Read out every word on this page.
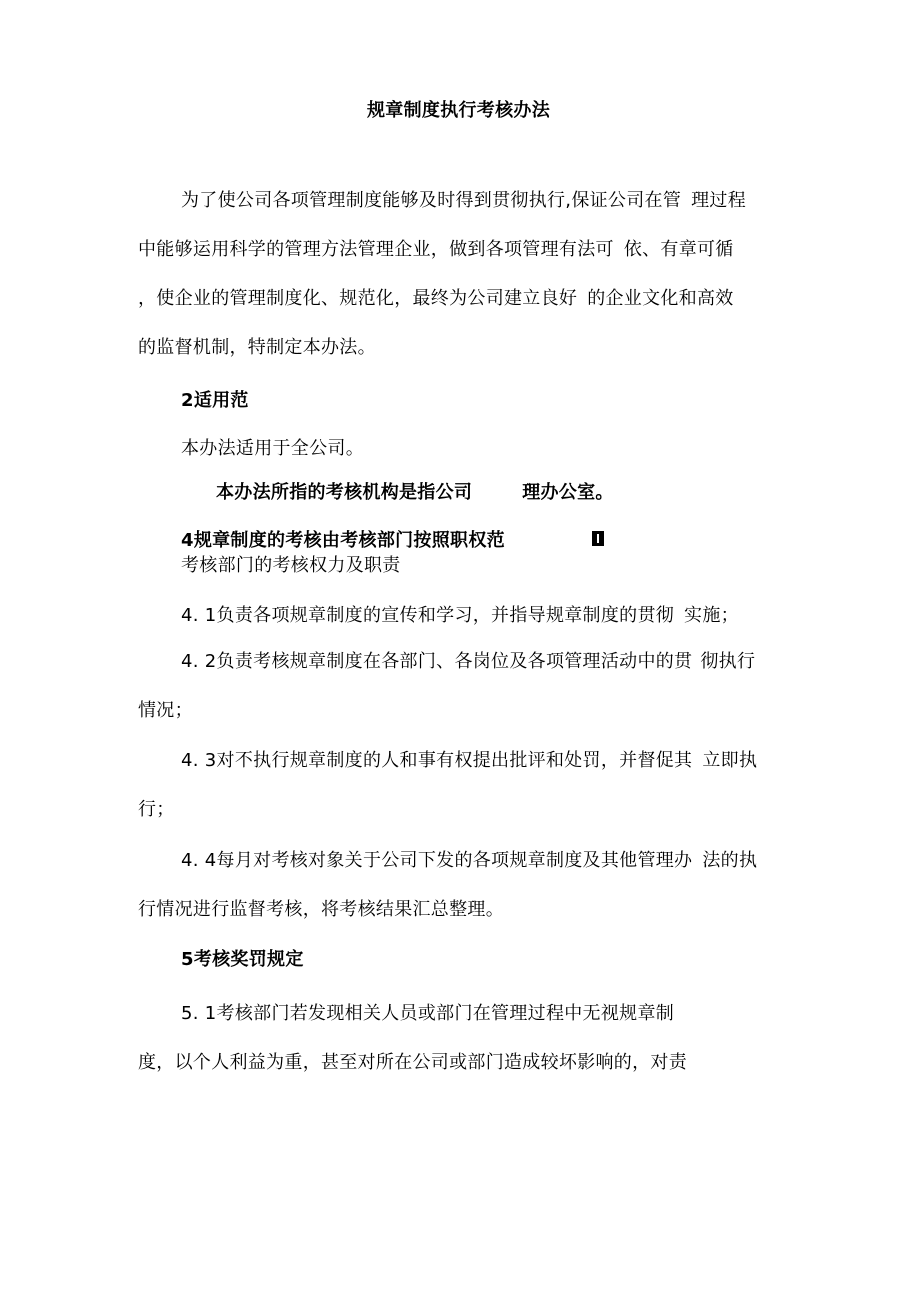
规章制度执行考核办法
为了使公司各项管理制度能够及时得到贯彻执行,保证公司在管 理过程
中能够运用科学的管理方法管理企业，做到各项管理有法可 依、有章可循
，使企业的管理制度化、规范化，最终为公司建立良好 的企业文化和高效
的监督机制，特制定本办法。
2适用范
本办法适用于全公司。
本办法所指的考核机构是指公司	理办公室。
4规章制度的考核由考核部门按照职权范
考核部门的考核权力及职责
4. 1负责各项规章制度的宣传和学习，并指导规章制度的贯彻 实施；
4. 2负责考核规章制度在各部门、各岗位及各项管理活动中的贯 彻执行
情况；
4. 3对不执行规章制度的人和事有权提出批评和处罚，并督促其 立即执
行；
4. 4每月对考核对象关于公司下发的各项规章制度及其他管理办 法的执
行情况进行监督考核，将考核结果汇总整理。
5考核奖罚规定
5. 1考核部门若发现相关人员或部门在管理过程中无视规章制
度，以个人利益为重，甚至对所在公司或部门造成较坏影响的，对责
